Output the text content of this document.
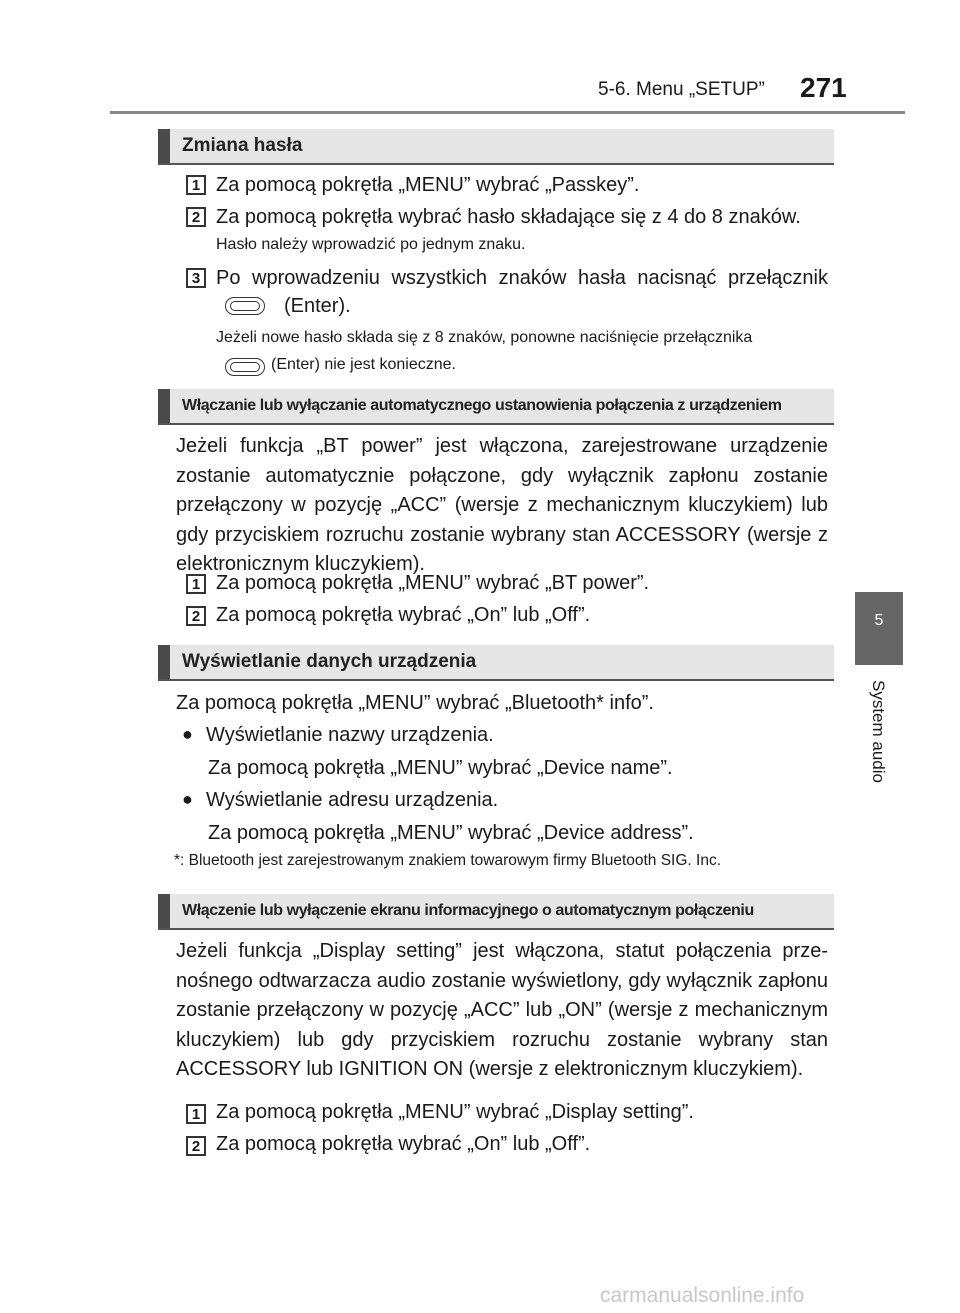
5-6. Menu „SETUP” 271
5
System audio
Zmiana hasła
1 Za pomocą pokrętła „MENU” wybrać „Passkey”.
2 Za pomocą pokrętła wybrać hasło składające się z 4 do 8 znaków.
Hasło należy wprowadzić po jednym znaku.
3 Po wprowadzeniu wszystkich znaków hasła nacisnąć przełącznik
(Enter).
Jeżeli nowe hasło składa się z 8 znaków, ponowne naciśnięcie przełącznika
(Enter) nie jest konieczne.
Włączanie lub wyłączanie automatycznego ustanowienia połączenia z urządzeniem
Jeżeli funkcja „BT power” jest włączona, zarejestrowane urządzenie zostanie automatycznie połączone, gdy wyłącznik zapłonu zostanie przełączony w pozycję „ACC” (wersje z mechanicznym kluczykiem) lub gdy przyciskiem rozruchu zostanie wybrany stan ACCESSORY (wersje z elektronicznym kluczykiem).
1 Za pomocą pokrętła „MENU” wybrać „BT power”.
2 Za pomocą pokrętła wybrać „On” lub „Off”.
Wyświetlanie danych urządzenia
Za pomocą pokrętła „MENU” wybrać „Bluetooth* info”.
● Wyświetlanie nazwy urządzenia.
Za pomocą pokrętła „MENU” wybrać „Device name”.
● Wyświetlanie adresu urządzenia.
Za pomocą pokrętła „MENU” wybrać „Device address”.
*: Bluetooth jest zarejestrowanym znakiem towarowym firmy Bluetooth SIG. Inc.
Włączenie lub wyłączenie ekranu informacyjnego o automatycznym połączeniu
Jeżeli funkcja „Display setting” jest włączona, statut połączenia prze-nośnego odtwarzacza audio zostanie wyświetlony, gdy wyłącznik zapłonu zostanie przełączony w pozycję „ACC” lub „ON” (wersje z mechanicznym kluczykiem) lub gdy przyciskiem rozruchu zostanie wybrany stan ACCESSORY lub IGNITION ON (wersje z elektronicznym kluczykiem).
1 Za pomocą pokrętła „MENU” wybrać „Display setting”.
2 Za pomocą pokrętła wybrać „On” lub „Off”.
carmanualsonline.info
